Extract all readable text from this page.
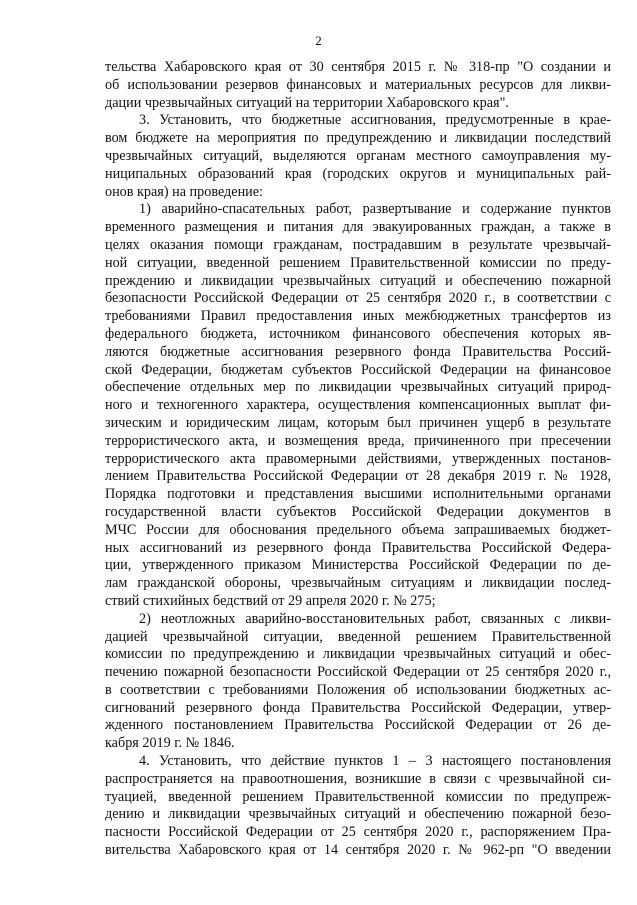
2
тельства Хабаровского края от 30 сентября 2015 г. № 318-пр "О создании и
об использовании резервов финансовых и материальных ресурсов для ликви-
дации чрезвычайных ситуаций на территории Хабаровского края".
3. Установить, что бюджетные ассигнования, предусмотренные в крае-
вом бюджете на мероприятия по предупреждению и ликвидации последствий
чрезвычайных ситуаций, выделяются органам местного самоуправления му-
ниципальных образований края (городских округов и муниципальных рай-
онов края) на проведение:
1) аварийно-спасательных работ, развертывание и содержание пунктов
временного размещения и питания для эвакуированных граждан, а также в
целях оказания помощи гражданам, пострадавшим в результате чрезвычай-
ной ситуации, введенной решением Правительственной комиссии по преду-
преждению и ликвидации чрезвычайных ситуаций и обеспечению пожарной
безопасности Российской Федерации от 25 сентября 2020 г., в соответствии с
требованиями Правил предоставления иных межбюджетных трансфертов из
федерального бюджета, источником финансового обеспечения которых яв-
ляются бюджетные ассигнования резервного фонда Правительства Россий-
ской Федерации, бюджетам субъектов Российской Федерации на финансовое
обеспечение отдельных мер по ликвидации чрезвычайных ситуаций природ-
ного и техногенного характера, осуществления компенсационных выплат фи-
зическим и юридическим лицам, которым был причинен ущерб в результате
террористического акта, и возмещения вреда, причиненного при пресечении
террористического акта правомерными действиями, утвержденных постанов-
лением Правительства Российской Федерации от 28 декабря 2019 г. № 1928,
Порядка подготовки и представления высшими исполнительными органами
государственной власти субъектов Российской Федерации документов в
МЧС России для обоснования предельного объема запрашиваемых бюджет-
ных ассигнований из резервного фонда Правительства Российской Федера-
ции, утвержденного приказом Министерства Российской Федерации по де-
лам гражданской обороны, чрезвычайным ситуациям и ликвидации послед-
ствий стихийных бедствий от 29 апреля 2020 г. № 275;
2) неотложных аварийно-восстановительных работ, связанных с ликви-
дацией чрезвычайной ситуации, введенной решением Правительственной
комиссии по предупреждению и ликвидации чрезвычайных ситуаций и обес-
печению пожарной безопасности Российской Федерации от 25 сентября 2020 г.,
в соответствии с требованиями Положения об использовании бюджетных ас-
сигнований резервного фонда Правительства Российской Федерации, утвер-
жденного постановлением Правительства Российской Федерации от 26 де-
кабря 2019 г. № 1846.
4. Установить, что действие пунктов 1 – 3 настоящего постановления
распространяется на правоотношения, возникшие в связи с чрезвычайной си-
туацией, введенной решением Правительственной комиссии по предупреж-
дению и ликвидации чрезвычайных ситуаций и обеспечению пожарной безо-
пасности Российской Федерации от 25 сентября 2020 г., распоряжением Пра-
вительства Хабаровского края от 14 сентября 2020 г. № 962-рп "О введении
